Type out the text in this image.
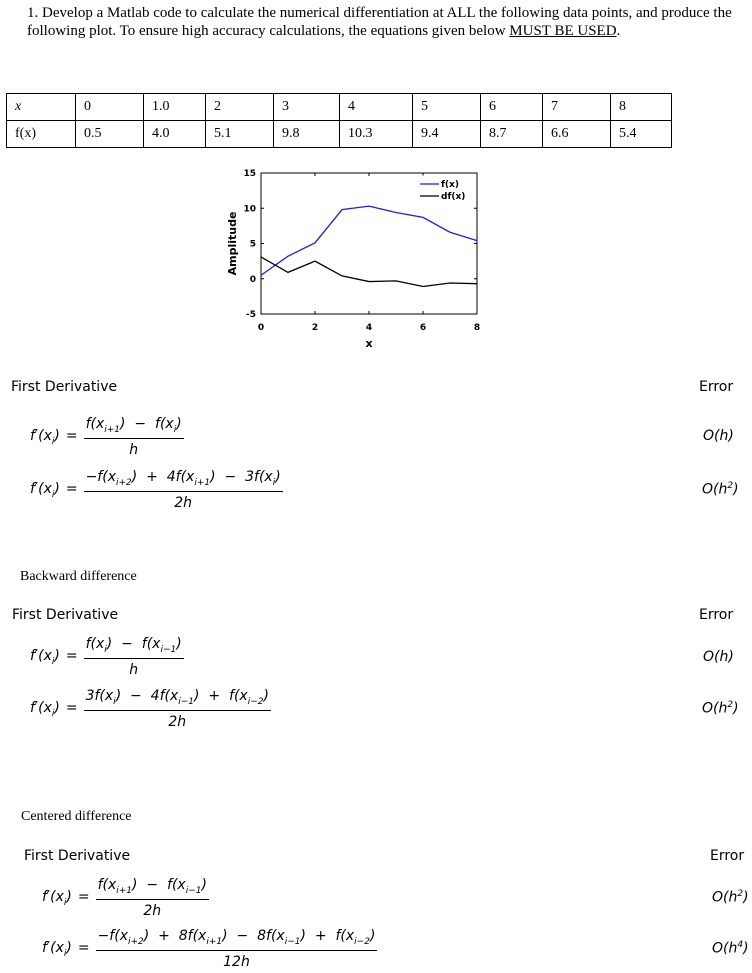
1. Develop a Matlab code to calculate the numerical differentiation at ALL the following data points, and produce the following plot. To ensure high accuracy calculations, the equations given below MUST BE USED.
x	0	1.0	2	3	4	5	6	7	8
f(x)	0.5	4.0	5.1	9.8	10.3	9.4	8.7	6.6	5.4
0	2	4	6	8
-5
0
5
10
15
x
Amplitude
f(x)
df(x)
First Derivative	Error
$f'(x_i) = \frac{f(x_{i+1}) - f(x_i)}{h}$	O(h)
$f'(x_i) = \frac{-f(x_{i+2}) + 4f(x_{i+1}) - 3f(x_i)}{2h}$	$O(h^2)$
Backward difference
First Derivative	Error
$f'(x_i) = \frac{f(x_i) - f(x_{i-1})}{h}$	O(h)
$f'(x_i) = \frac{3f(x_i) - 4f(x_{i-1}) + f(x_{i-2})}{2h}$	$O(h^2)$
Centered difference
First Derivative	Error
$f'(x_i) = \frac{f(x_{i+1}) - f(x_{i-1})}{2h}$	$O(h^2)$
$f'(x_i) = \frac{-f(x_{i+2}) + 8f(x_{i+1}) - 8f(x_{i-1}) + f(x_{i-2})}{12h}$	$O(h^4)$
